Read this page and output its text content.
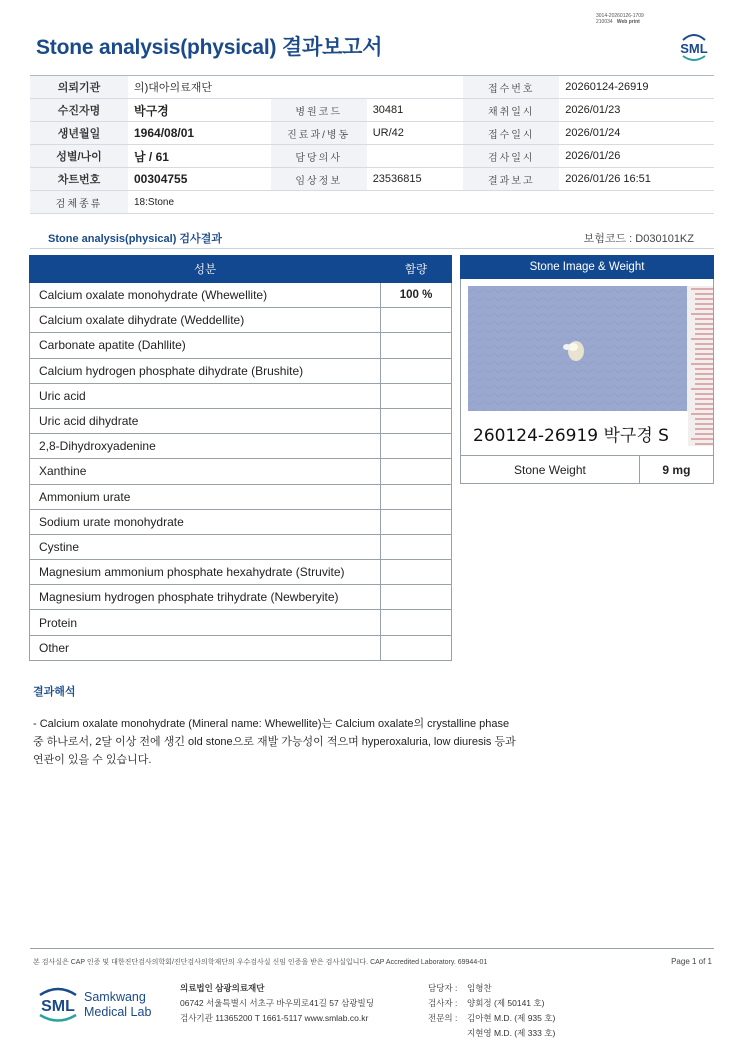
3014-20260126-1709
210034 Web print
Stone analysis(physical) 결과보고서	SML
의뢰기관	의)대아의료재단			접수번호	20260124-26919
수진자명	박구경	병원코드	30481	채취일시	2026/01/23
생년월일	1964/08/01	진료과/병동	UR/42	접수일시	2026/01/24
성별/나이	남 / 61	담당의사		검사일시	2026/01/26
차트번호	00304755	임상정보	23536815	결과보고	2026/01/26 16:51
검체종류	18:Stone				
Stone analysis(physical) 검사결과	보험코드 : D030101KZ
성분	함량
Calcium oxalate monohydrate (Whewellite)	100 %
Calcium oxalate dihydrate (Weddellite)	
Carbonate apatite (Dahllite)	
Calcium hydrogen phosphate dihydrate (Brushite)	
Uric acid	
Uric acid dihydrate	
2,8-Dihydroxyadenine	
Xanthine	
Ammonium urate	
Sodium urate monohydrate	
Cystine	
Magnesium ammonium phosphate hexahydrate (Struvite)	
Magnesium hydrogen phosphate trihydrate (Newberyite)	
Protein	
Other	
Stone Image & Weight
260124-26919 박구경 S
Stone Weight	9 mg
결과해석
- Calcium oxalate monohydrate (Mineral name: Whewellite)는 Calcium oxalate의 crystalline phase
중 하나로서, 2달 이상 전에 생긴 old stone으로 재발 가능성이 적으며 hyperoxaluria, low diuresis 등과
연관이 있을 수 있습니다.
본 검사실은 CAP 인증 및 대한진단검사의학회/진단검사의학재단의 우수검사실 신임 인증을 받은 검사실입니다. CAP Accredited Laboratory. 69944-01	Page 1 of 1
SML
Samkwang
Medical Lab
의료법인 삼광의료재단
06742 서울특별시 서초구 바우뫼로41길 57 삼광빌딩
검사기관 11365200 T 1661-5117 www.smlab.co.kr
담당자 : 임형찬
검사자 : 양회정 (제 50141 호)
전문의 : 김아현 M.D. (제 935 호)
지현영 M.D. (제 333 호)
